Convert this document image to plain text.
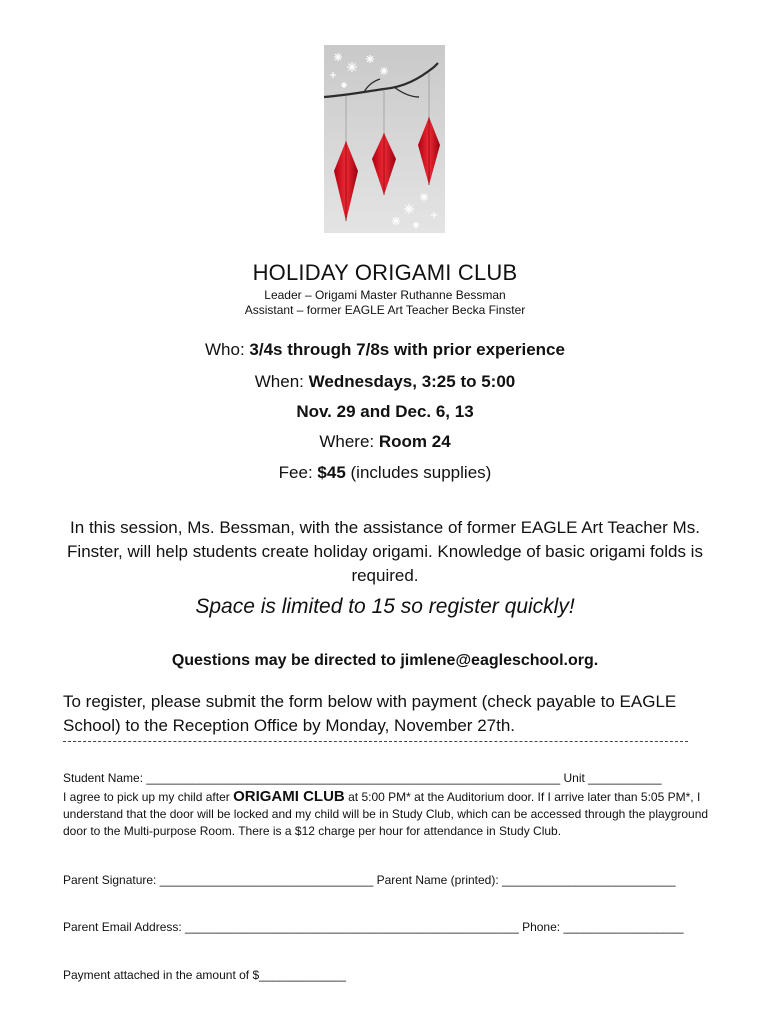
HOLIDAY ORIGAMI CLUB
Leader – Origami Master Ruthanne Bessman
Assistant – former EAGLE Art Teacher Becka Finster
Who: 3/4s through 7/8s with prior experience
When: Wednesdays, 3:25 to 5:00
Nov. 29 and Dec. 6, 13
Where: Room 24
Fee: $45 (includes supplies)
In this session, Ms. Bessman, with the assistance of former EAGLE Art Teacher Ms. Finster, will help students create holiday origami. Knowledge of basic origami folds is required.
Space is limited to 15 so register quickly!
Questions may be directed to jimlene@eagleschool.org.
To register, please submit the form below with payment (check payable to EAGLE School) to the Reception Office by Monday, November 27th.
Student Name: ______________________________________________________________ Unit ___________
I agree to pick up my child after ORIGAMI CLUB at 5:00 PM* at the Auditorium door. If I arrive later than 5:05 PM*, I understand that the door will be locked and my child will be in Study Club, which can be accessed through the playground door to the Multi-purpose Room. There is a $12 charge per hour for attendance in Study Club.
Parent Signature: ________________________________ Parent Name (printed): __________________________
Parent Email Address: __________________________________________________ Phone: __________________
Payment attached in the amount of $_____________
